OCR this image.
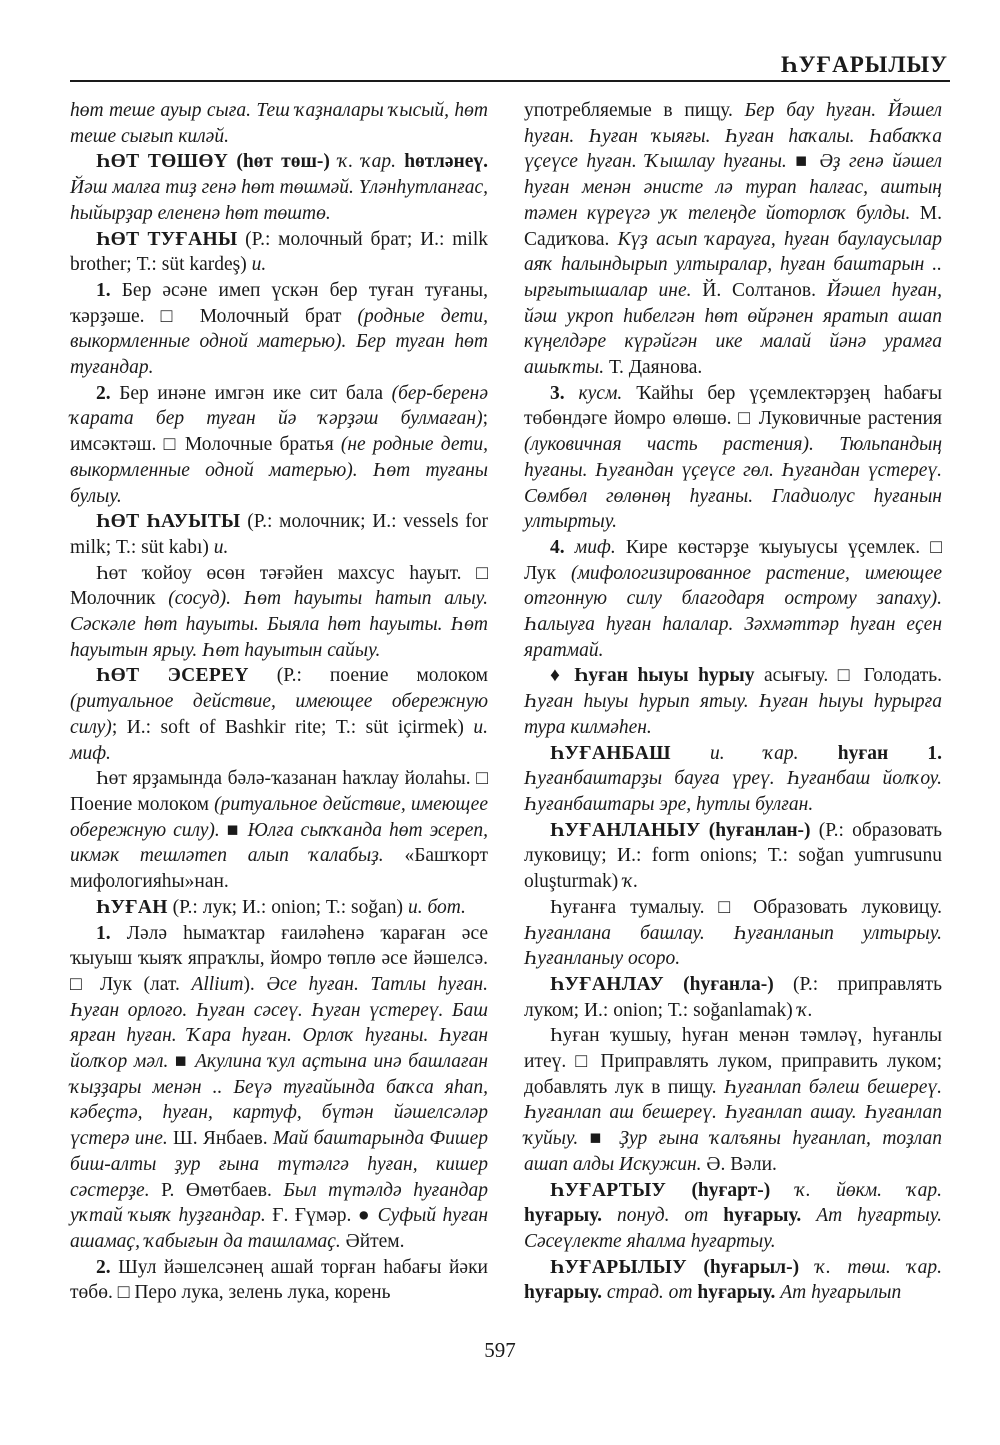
ҺУҒАРЫЛЫУ

һөт теше ауыр сыға. Теш ҡаҙналары ҡысый, һөт теше сығып киләй.

ҺӨТ ТӨШӨҮ (һөт төш-) ҡ. ҡар. һөтләнеү. Йәш малға тиҙ генә һөт төшмәй. Үләнһутланғас, һыйырҙар елененә һөт төштө.

ҺӨТ ТУҒАНЫ (Р.: молочный брат; И.: milk brother; Т.: süt kardeş) и.

1. Бер әсәне имеп үскән бер туған туғаны, ҡәрҙәше. □ Молочный брат (родные дети, выкормленные одной матерью). Бер туған һөт туғандар.

2. Бер инәне имгән ике сит бала (бер-беренә ҡарата бер туған йә ҡәрҙәш булмаған); имсәктәш. □ Молочные братья (не родные дети, выкормленные одной матерью). Һөт туғаны булыу.

ҺӨТ ҺАУЫТЫ (Р.: молочник; И.: vessels for milk; Т.: süt kabı) и.

Һөт ҡойоу өсөн тәғәйен махсус һауыт. □ Молочник (сосуд). Һөт һауыты һатып алыу. Сәскәле һөт һауыты. Быяла һөт һауыты. Һөт һауытын ярыу. Һөт һауытын сайыу.

ҺӨТ ЭСЕРЕҮ (Р.: поение молоком (ритуальное действие, имеющее обережную силу); И.: soft of Bashkir rite; Т.: süt içirmek) и. миф.

Һөт ярҙамында бәлә-ҡазанан һаҡлау йолаһы. □ Поение молоком (ритуальное действие, имеющее обережную силу). ■ Юлға сыҡҡанда һөт эсереп, икмәк тешләтеп алып ҡалабыҙ. «Башҡорт мифологияһы»нан.

ҺУҒАН (Р.: лук; И.: onion; Т.: soğan) и. бот.

1. Ләлә һымаҡтар ғаиләһенә ҡараған әсе ҡыуыш ҡыяҡ япраҡлы, йомро төплө әсе йәшелсә. □ Лук (лат. Allium). Әсе һуған. Татлы һуған. Һуған орлоғо. Һуған сәсеү. Һуған үстереү. Баш ярған һуған. Ҡара һуған. Орлоҡ һуғаны. Һуған йолҡор мәл. ■ Акулина ҡул аҫтына инә башлаған ҡыҙҙары менән .. Беүә туғайында баҡса яһап, кәбеҫтә, һуған, картуф, бүтән йәшелсәләр үстерә ине. Ш. Янбаев. Май баштарында Фишер биш-алты ҙур ғына түтәлгә һуған, кишер сәстерҙе. Р. Өмөтбаев. Был түтәлдә һуғандар уҡтай ҡыяҡ һуҙғандар. Ғ. Ғүмәр. ● Суфый һуған ашамаҫ, ҡабығын да ташламаҫ. Әйтем.

2. Шул йәшелсәнең ашай торған һабағы йәки төбө. □ Перо лука, зелень лука, корень

употребляемые в пищу. Бер бау һуған. Йәшел һуған. Һуған ҡыяғы. Һуған һаҡалы. Һабаҡҡа үҫеүсе һуған. Ҡышлау һуғаны. ■ Әҙ генә йәшел һуған менән әнисте лә турап һалғас, аштың тәмен күреүгә уҡ телеңде йоторлоҡ булды. М. Садиҡова. Күҙ асып ҡарауға, һуған баулаусылар аяҡ һалындырып ултыралар, һуған баштарын .. ырғытышалар ине. Й. Солтанов. Йәшел һуған, йәш укроп һибелгән һөт өйрәнен яратып ашап күңелдәре күрәйгән ике малай йәнә урамға ашыҡты. Т. Даянова.

3. кусм. Ҡайһы бер үҫемлектәрҙең һабағы төбөндәге йомро өлөшө. □ Луковичные растения (луковичная часть растения). Тюльпандың һуғаны. Һуғандан үҫеүсе гөл. Һуғандан үстереү. Сөмбөл гөлөнөң һуғаны. Гладиолус һуғанын ултыртыу.

4. миф. Кире көстәрҙе ҡыуыусы үҫемлек. □ Лук (мифологизированное растение, имеющее отгонную силу благодаря острому запаху). Һалыуға һуған һалалар. Зәхмәттәр һуған еҫен яратмай.

♦ Һуған һыуы һурыу асығыу. □ Голодать. Һуған һыуы һурып ятыу. Һуған һыуы һурырға тура килмәһен.

ҺУҒАНБАШ и. ҡар. һуған 1. Һуғанбаштарҙы бауға үреү. Һуғанбаш йолҡоу. Һуғанбаштары эре, һутлы булған.

ҺУҒАНЛАНЫУ (һуғанлан-) (Р.: образовать луковицу; И.: form onions; Т.: soğan yumrusunu oluşturmak) ҡ.

Һуғанға тумалыу. □ Образовать луковицу. Һуғанлана башлау. Һуғанланып ултырыу. Һуғанланыу осоро.

ҺУҒАНЛАУ (һуғанла-) (Р.: приправлять луком; И.: onion; Т.: soğanlamak) ҡ.

Һуған ҡушыу, һуған менән тәмләү, һуғанлы итеү. □ Приправлять луком, приправить луком; добавлять лук в пищу. Һуғанлап бәлеш бешереү. Һуғанлап аш бешереү. Һуғанлап ашау. Һуғанлап ҡуйыу. ■ Ҙур ғына ҡалъяны һуғанлап, тоҙлап ашап алды Искужин. Ә. Вәли.

ҺУҒАРТЫУ (һуғарт-) ҡ. йөкм. ҡар. һуғарыу. понуд. от һуғарыу. Ат һуғартыу. Сәсеүлекте яһалма һуғартыу.

ҺУҒАРЫЛЫУ (һуғарыл-) ҡ. төш. ҡар. һуғарыу. страд. от һуғарыу. Ат һуғарылып

597
